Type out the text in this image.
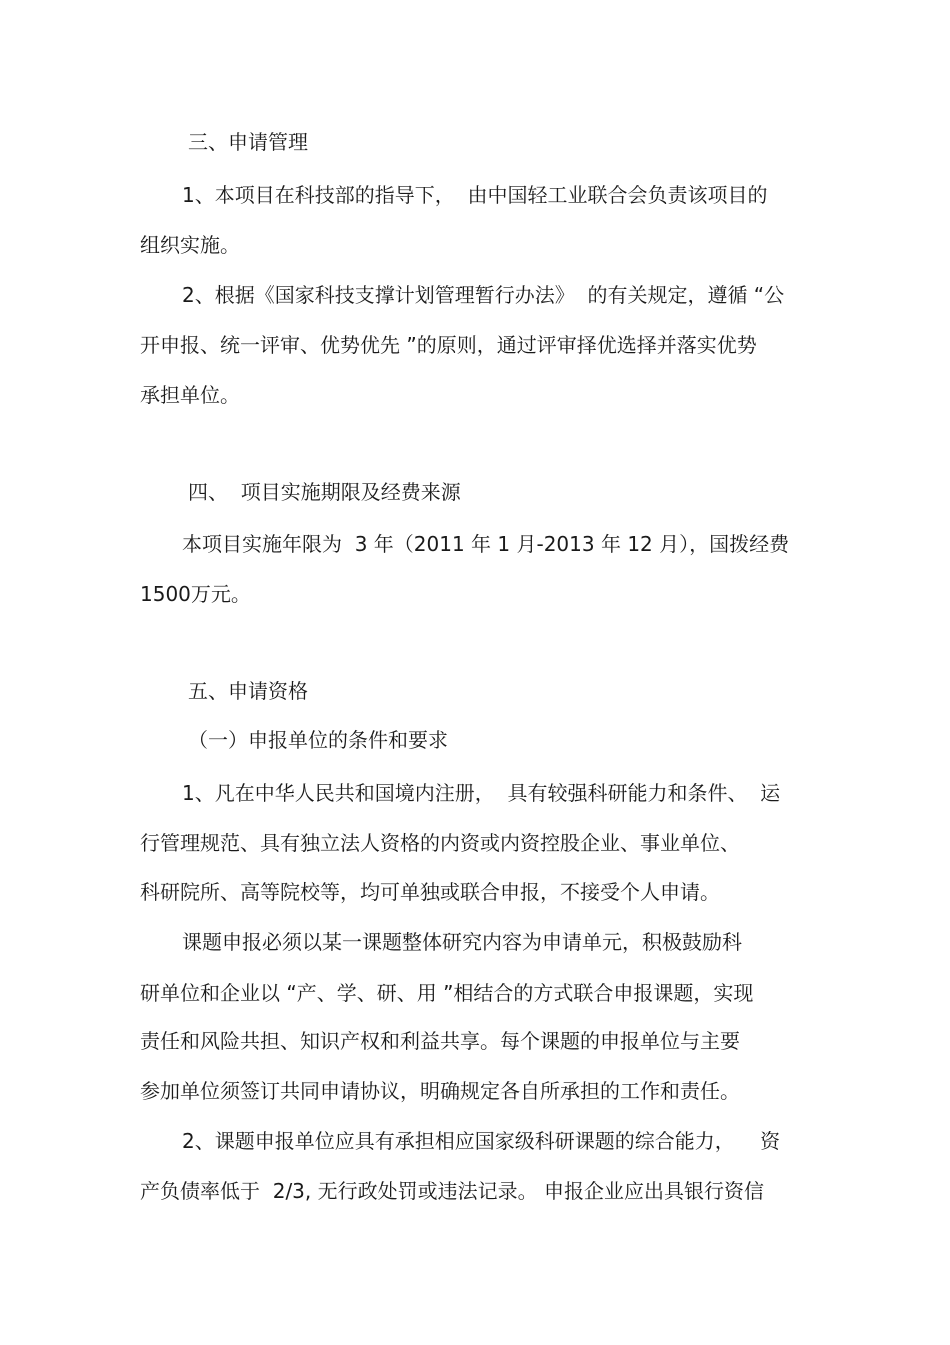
三、申请管理
1、本项目在科技部的指导下，  由中国轻工业联合会负责该项目的
组织实施。
2、根据《国家科技支撑计划管理暂行办法》  的有关规定，遵循 “公
开申报、统一评审、优势优先 ”的原则，通过评审择优选择并落实优势
承担单位。
四、  项目实施期限及经费来源
本项目实施年限为  3 年（2011 年 1 月-2013 年 12 月），国拨经费
1500万元。
五、申请资格
（一）申报单位的条件和要求
1、凡在中华人民共和国境内注册，  具有较强科研能力和条件、  运
行管理规范、具有独立法人资格的内资或内资控股企业、事业单位、
科研院所、高等院校等，均可单独或联合申报，不接受个人申请。
课题申报必须以某一课题整体研究内容为申请单元，积极鼓励科
研单位和企业以 “产、学、研、用 ”相结合的方式联合申报课题，实现
责任和风险共担、知识产权和利益共享。每个课题的申报单位与主要
参加单位须签订共同申请协议，明确规定各自所承担的工作和责任。
2、课题申报单位应具有承担相应国家级科研课题的综合能力，    资
产负债率低于  2/3, 无行政处罚或违法记录。 申报企业应出具银行资信
